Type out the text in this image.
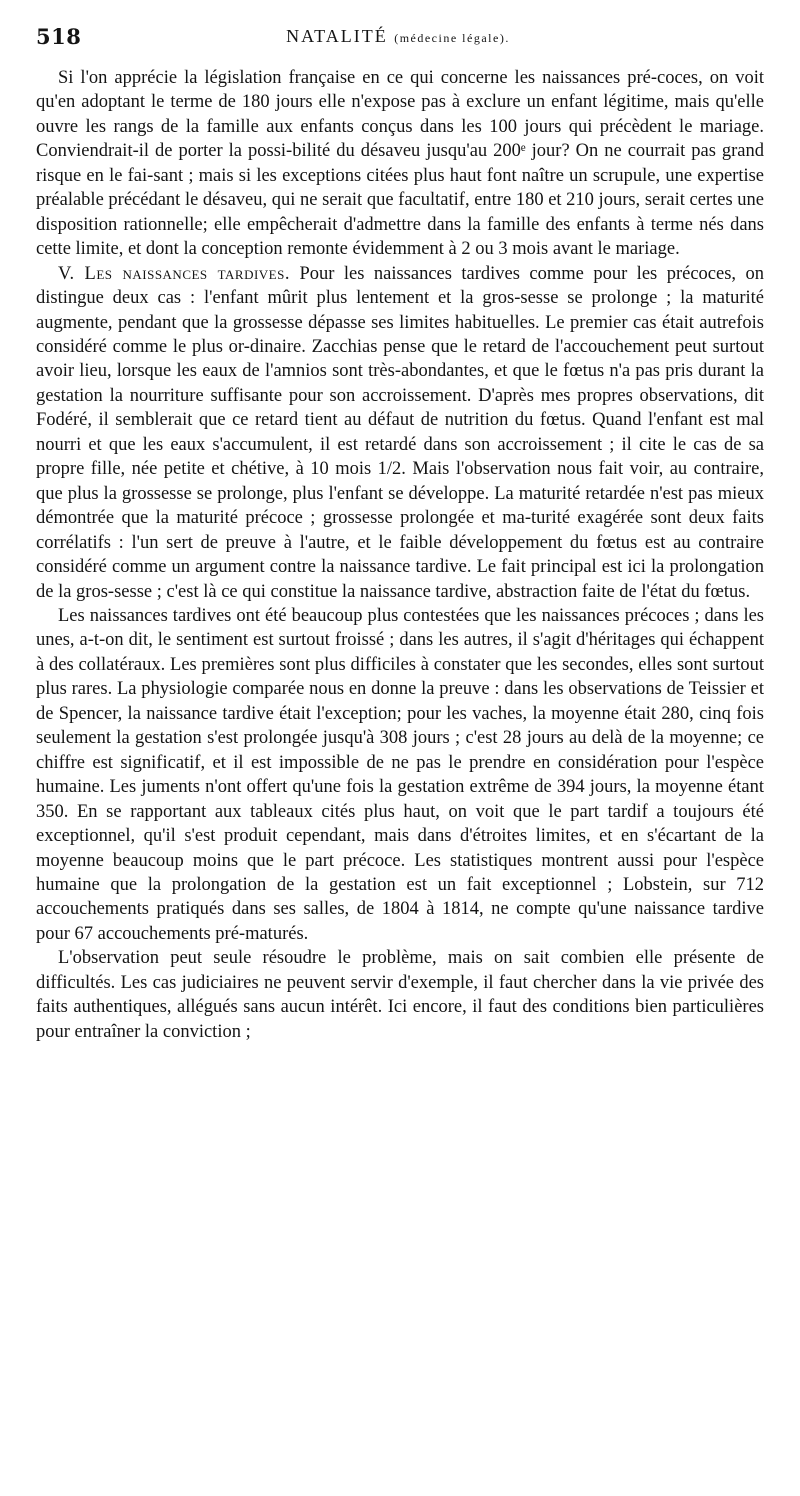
518	NATALITÉ (médecine légale).

Si l'on apprécie la législation française en ce qui concerne les naissances pré-coces, on voit qu'en adoptant le terme de 180 jours elle n'expose pas à exclure un enfant légitime, mais qu'elle ouvre les rangs de la famille aux enfants conçus dans les 100 jours qui précèdent le mariage. Conviendrait-il de porter la possi-bilité du désaveu jusqu'au 200ᵉ jour? On ne courrait pas grand risque en le fai-sant ; mais si les exceptions citées plus haut font naître un scrupule, une expertise préalable précédant le désaveu, qui ne serait que facultatif, entre 180 et 210 jours, serait certes une disposition rationnelle; elle empêcherait d'admettre dans la famille des enfants à terme nés dans cette limite, et dont la conception remonte évidemment à 2 ou 3 mois avant le mariage.

V. Les naissances tardives. Pour les naissances tardives comme pour les précoces, on distingue deux cas : l'enfant mûrit plus lentement et la gros-sesse se prolonge ; la maturité augmente, pendant que la grossesse dépasse ses limites habituelles. Le premier cas était autrefois considéré comme le plus or-dinaire. Zacchias pense que le retard de l'accouchement peut surtout avoir lieu, lorsque les eaux de l'amnios sont très-abondantes, et que le fœtus n'a pas pris durant la gestation la nourriture suffisante pour son accroissement. D'après mes propres observations, dit Fodéré, il semblerait que ce retard tient au défaut de nutrition du fœtus. Quand l'enfant est mal nourri et que les eaux s'accumulent, il est retardé dans son accroissement ; il cite le cas de sa propre fille, née petite et chétive, à 10 mois 1/2. Mais l'observation nous fait voir, au contraire, que plus la grossesse se prolonge, plus l'enfant se développe. La maturité retardée n'est pas mieux démontrée que la maturité précoce ; grossesse prolongée et ma-turité exagérée sont deux faits corrélatifs : l'un sert de preuve à l'autre, et le faible développement du fœtus est au contraire considéré comme un argument contre la naissance tardive. Le fait principal est ici la prolongation de la gros-sesse ; c'est là ce qui constitue la naissance tardive, abstraction faite de l'état du fœtus.

Les naissances tardives ont été beaucoup plus contestées que les naissances précoces ; dans les unes, a-t-on dit, le sentiment est surtout froissé ; dans les autres, il s'agit d'héritages qui échappent à des collatéraux. Les premières sont plus difficiles à constater que les secondes, elles sont surtout plus rares. La physiologie comparée nous en donne la preuve : dans les observations de Teissier et de Spencer, la naissance tardive était l'exception; pour les vaches, la moyenne était 280, cinq fois seulement la gestation s'est prolongée jusqu'à 308 jours ; c'est 28 jours au delà de la moyenne; ce chiffre est significatif, et il est impossible de ne pas le prendre en considération pour l'espèce humaine. Les juments n'ont offert qu'une fois la gestation extrême de 394 jours, la moyenne étant 350. En se rapportant aux tableaux cités plus haut, on voit que le part tardif a toujours été exceptionnel, qu'il s'est produit cependant, mais dans d'étroites limites, et en s'écartant de la moyenne beaucoup moins que le part précoce. Les statistiques montrent aussi pour l'espèce humaine que la prolongation de la gestation est un fait exceptionnel ; Lobstein, sur 712 accouchements pratiqués dans ses salles, de 1804 à 1814, ne compte qu'une naissance tardive pour 67 accouchements pré-maturés.

L'observation peut seule résoudre le problème, mais on sait combien elle présente de difficultés. Les cas judiciaires ne peuvent servir d'exemple, il faut chercher dans la vie privée des faits authentiques, allégués sans aucun intérêt. Ici encore, il faut des conditions bien particulières pour entraîner la conviction ;
